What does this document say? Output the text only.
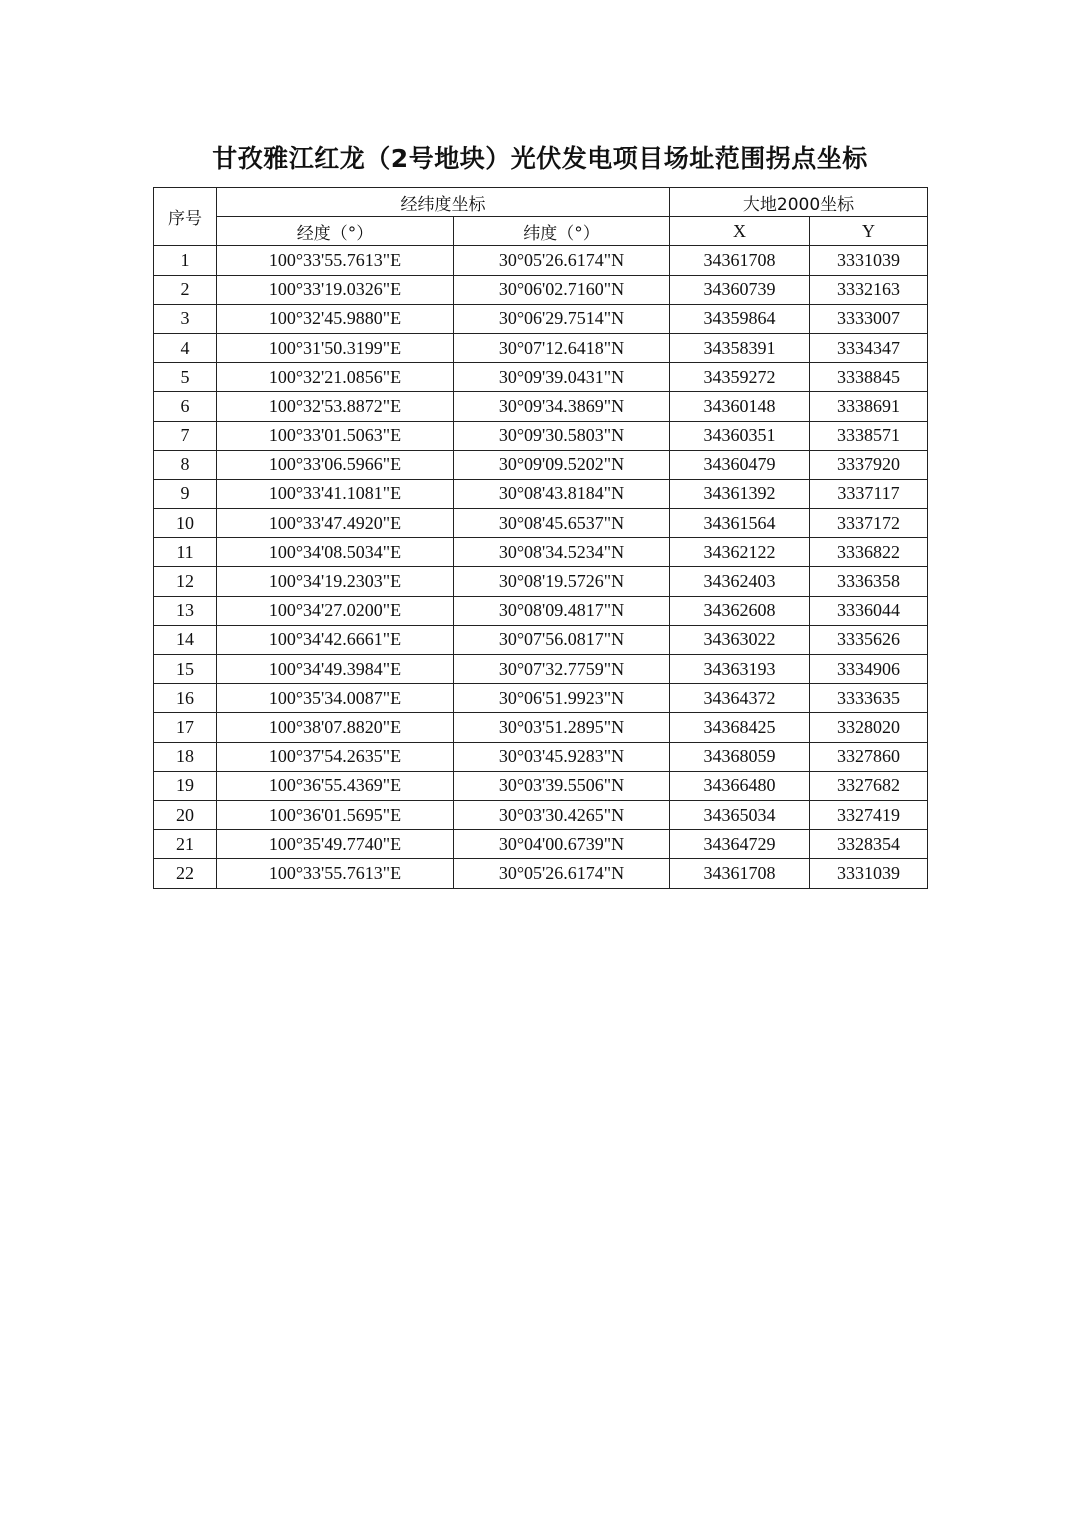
甘孜雅江红龙（2号地块）光伏发电项目场址范围拐点坐标
序号	经纬度坐标		大地2000坐标	
	经度（°）	纬度（°）	X	Y
1	100°33'55.7613"E	30°05'26.6174"N	34361708	3331039
2	100°33'19.0326"E	30°06'02.7160"N	34360739	3332163
3	100°32'45.9880"E	30°06'29.7514"N	34359864	3333007
4	100°31'50.3199"E	30°07'12.6418"N	34358391	3334347
5	100°32'21.0856"E	30°09'39.0431"N	34359272	3338845
6	100°32'53.8872"E	30°09'34.3869"N	34360148	3338691
7	100°33'01.5063"E	30°09'30.5803"N	34360351	3338571
8	100°33'06.5966"E	30°09'09.5202"N	34360479	3337920
9	100°33'41.1081"E	30°08'43.8184"N	34361392	3337117
10	100°33'47.4920"E	30°08'45.6537"N	34361564	3337172
11	100°34'08.5034"E	30°08'34.5234"N	34362122	3336822
12	100°34'19.2303"E	30°08'19.5726"N	34362403	3336358
13	100°34'27.0200"E	30°08'09.4817"N	34362608	3336044
14	100°34'42.6661"E	30°07'56.0817"N	34363022	3335626
15	100°34'49.3984"E	30°07'32.7759"N	34363193	3334906
16	100°35'34.0087"E	30°06'51.9923"N	34364372	3333635
17	100°38'07.8820"E	30°03'51.2895"N	34368425	3328020
18	100°37'54.2635"E	30°03'45.9283"N	34368059	3327860
19	100°36'55.4369"E	30°03'39.5506"N	34366480	3327682
20	100°36'01.5695"E	30°03'30.4265"N	34365034	3327419
21	100°35'49.7740"E	30°04'00.6739"N	34364729	3328354
22	100°33'55.7613"E	30°05'26.6174"N	34361708	3331039
